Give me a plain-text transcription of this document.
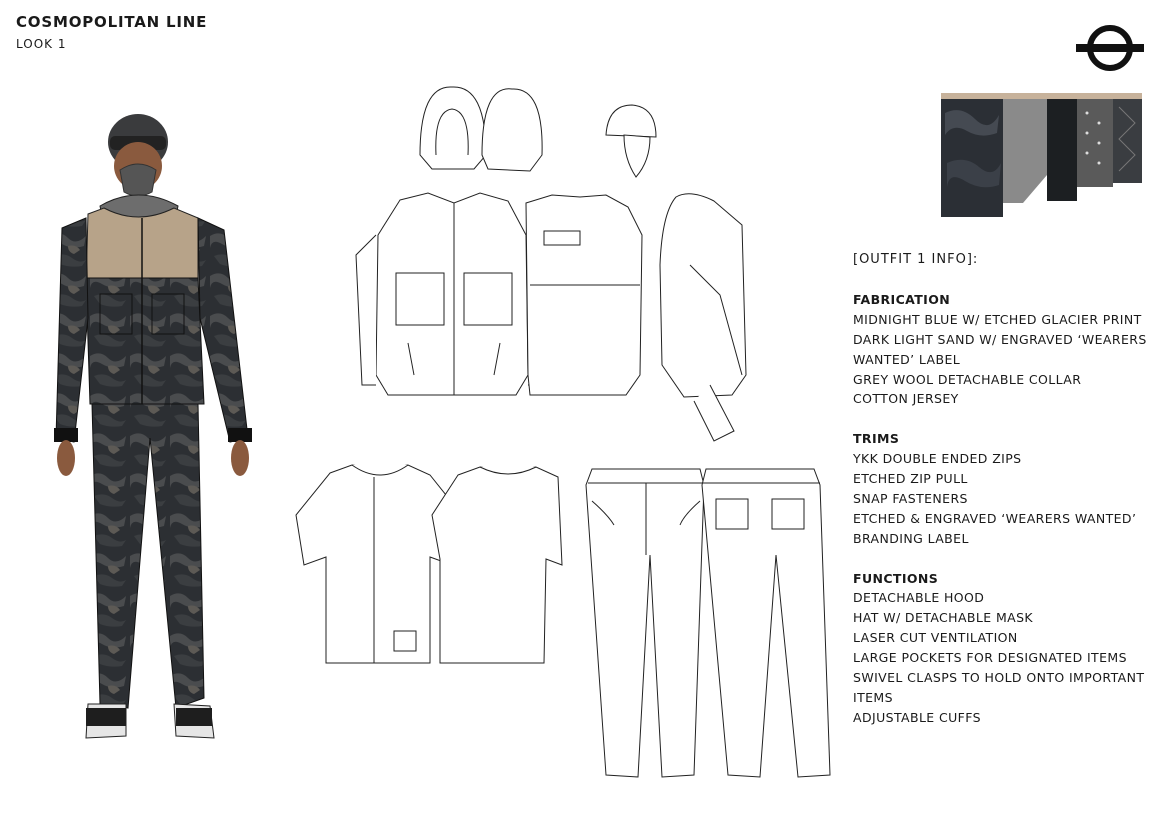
COSMOPOLITAN LINE
LOOK 1
[OUTFIT 1 INFO]:
FABRICATION
MIDNIGHT BLUE W/ ETCHED GLACIER PRINT
DARK LIGHT SAND W/ ENGRAVED ‘WEARERS WANTED’ LABEL
GREY WOOL DETACHABLE COLLAR
COTTON JERSEY
TRIMS
YKK DOUBLE ENDED ZIPS
ETCHED ZIP PULL
SNAP FASTENERS
ETCHED & ENGRAVED ‘WEARERS WANTED’ BRANDING LABEL
FUNCTIONS
DETACHABLE HOOD
HAT W/ DETACHABLE MASK
LASER CUT VENTILATION
LARGE POCKETS FOR DESIGNATED ITEMS
SWIVEL CLASPS TO HOLD ONTO IMPORTANT ITEMS
ADJUSTABLE CUFFS
